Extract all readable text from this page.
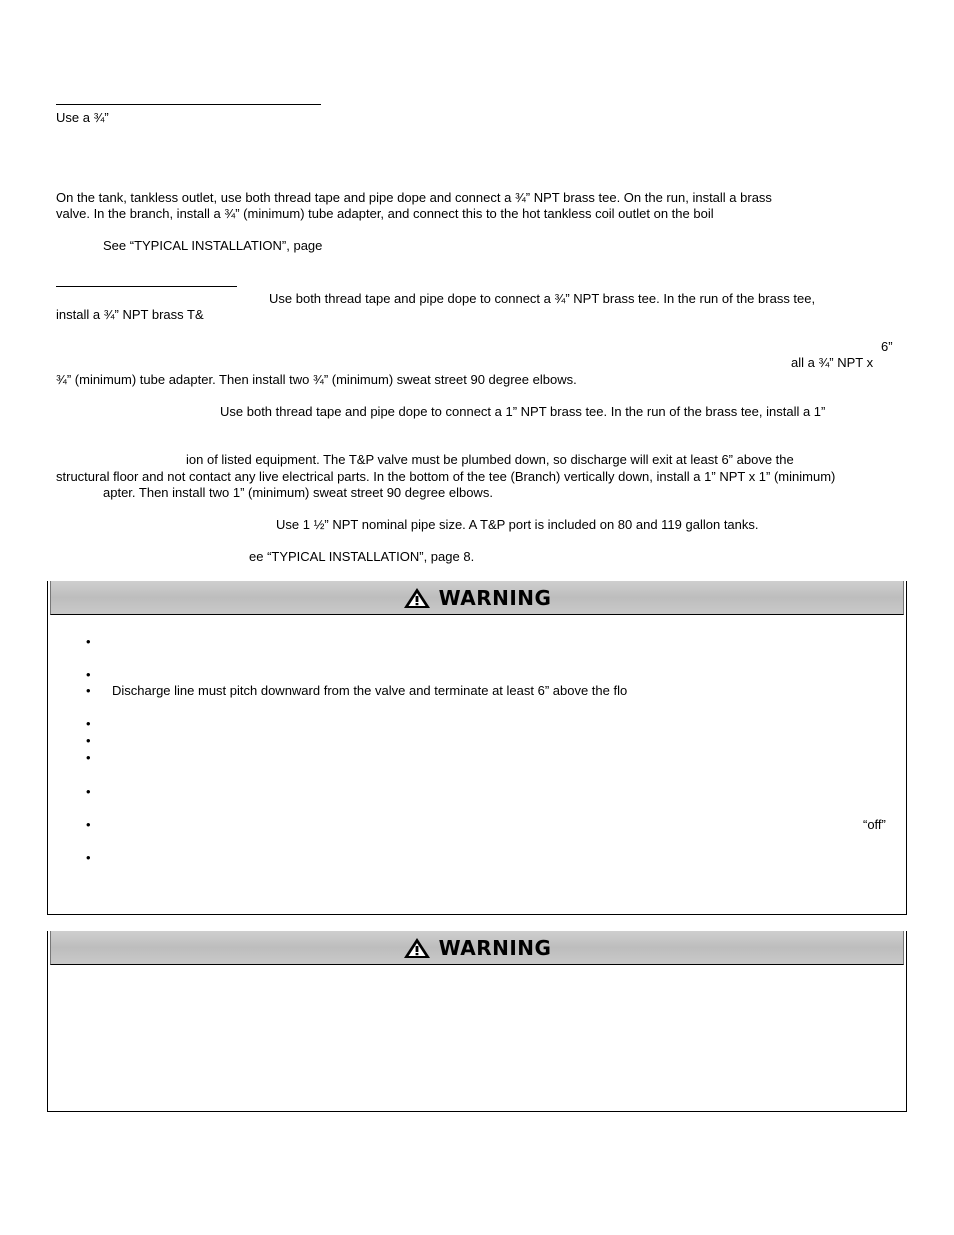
Use a ¾”

On the tank, tankless outlet, use both thread tape and pipe dope and connect a ¾” NPT brass tee. On the run, install a brass

valve. In the branch, install a ¾” (minimum) tube adapter, and connect this to the hot tankless coil outlet on the boil

See “TYPICAL INSTALLATION”, page

Use both thread tape and pipe dope to connect a ¾” NPT brass tee. In the run of the brass tee,

install a ¾” NPT brass T&

6”

all a ¾” NPT x

¾” (minimum) tube adapter. Then install two ¾” (minimum) sweat street 90 degree elbows.

Use both thread tape and pipe dope to connect a 1” NPT brass tee. In the run of the brass tee, install a 1”

ion of listed equipment. The T&P valve must be plumbed down, so discharge will exit at least 6” above the

structural floor and not contact any live electrical parts. In the bottom of the tee (Branch) vertically down, install a 1” NPT x 1” (minimum)

apter. Then install two 1” (minimum) sweat street 90 degree elbows.

Use 1 ½” NPT nominal pipe size. A T&P port is included on 80 and 119 gallon tanks.

ee “TYPICAL INSTALLATION”, page 8.

WARNING
•
•
• Discharge line must pitch downward from the valve and terminate at least 6” above the flo

•
•
•
•
•	“off”

•
WARNING
